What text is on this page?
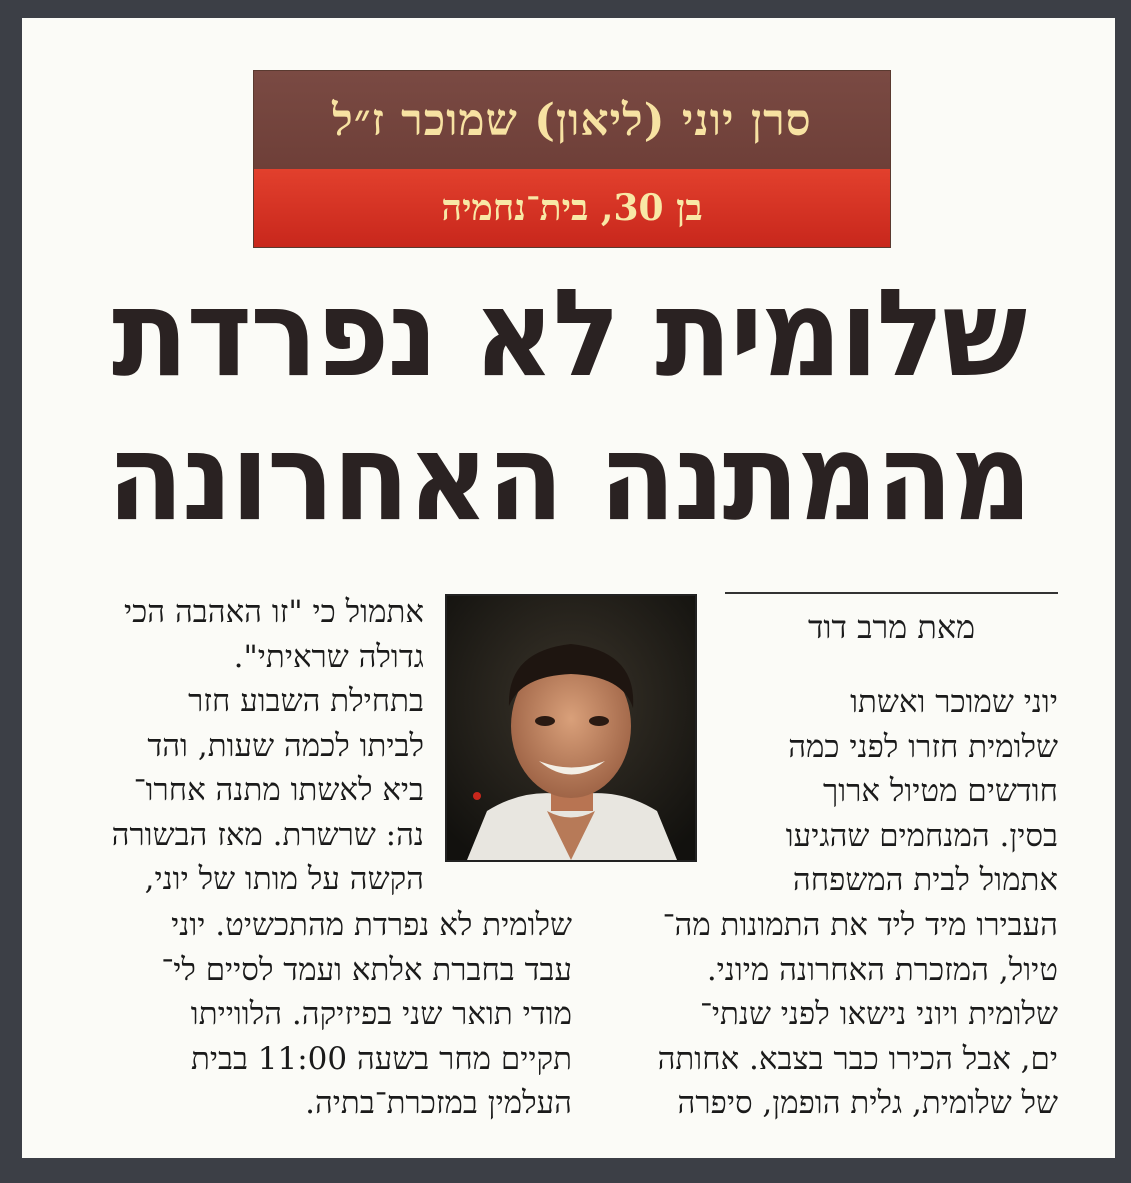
סרן יוני (ליאון) שמוכר ז״ל
בן 30, בית־נחמיה
שלומית לא נפרדת
מהמתנה האחרונה
מאת מרב דוד

יוני שמוכר ואשתו

שלומית חזרו לפני כמה

חודשים מטיול ארוך

בסין. המנחמים שהגיעו

אתמול לבית המשפחה

העבירו מיד ליד את התמונות מה־

טיול, המזכרת האחרונה מיוני.

שלומית ויוני נישאו לפני שנתי־

ים, אבל הכירו כבר בצבא. אחותה

של שלומית, גלית הופמן, סיפרה

אתמול כי "זו האהבה הכי

גדולה שראיתי".

בתחילת השבוע חזר

לביתו לכמה שעות, והד

ביא לאשתו מתנה אחרו־

נה: שרשרת. מאז הבשורה

הקשה על מותו של יוני,

שלומית לא נפרדת מהתכשיט. יוני

עבד בחברת אלתא ועמד לסיים לי־

מודי תואר שני בפיזיקה. הלווייתו

תקיים מחר בשעה 11:00 בבית

העלמין במזכרת־בתיה.
